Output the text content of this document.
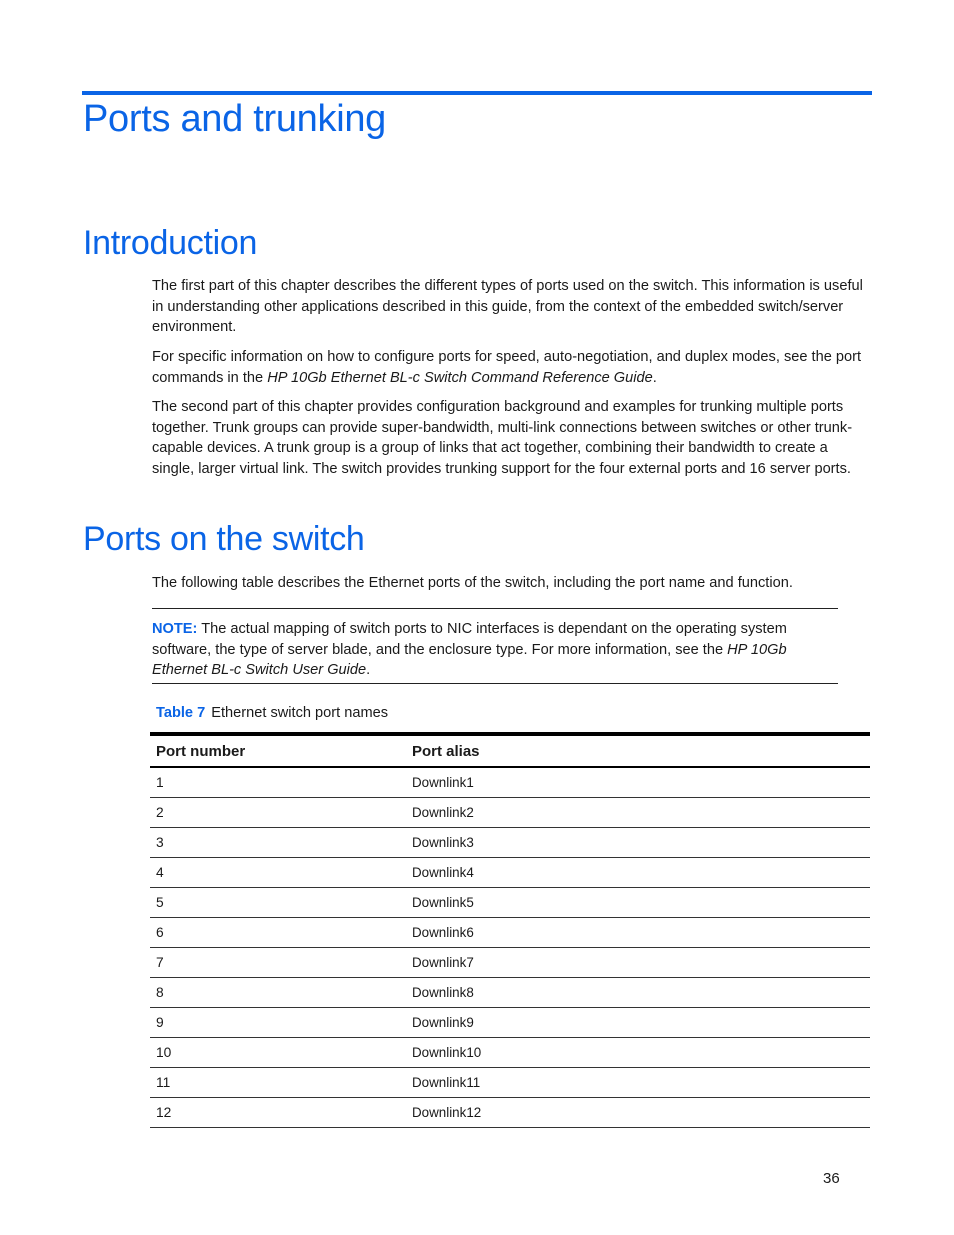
Ports and trunking
Introduction

The first part of this chapter describes the different types of ports used on the switch. This information is useful in understanding other applications described in this guide, from the context of the embedded switch/server environment.

For specific information on how to configure ports for speed, auto-negotiation, and duplex modes, see the port commands in the HP 10Gb Ethernet BL-c Switch Command Reference Guide.

The second part of this chapter provides configuration background and examples for trunking multiple ports together. Trunk groups can provide super-bandwidth, multi-link connections between switches or other trunk-capable devices. A trunk group is a group of links that act together, combining their bandwidth to create a single, larger virtual link. The switch provides trunking support for the four external ports and 16 server ports.

Ports on the switch

The following table describes the Ethernet ports of the switch, including the port name and function.

NOTE: The actual mapping of switch ports to NIC interfaces is dependant on the operating system software, the type of server blade, and the enclosure type. For more information, see the HP 10Gb Ethernet BL-c Switch User Guide.

Table 7 Ethernet switch port names
Port number	Port alias
1	Downlink1
2	Downlink2
3	Downlink3
4	Downlink4
5	Downlink5
6	Downlink6
7	Downlink7
8	Downlink8
9	Downlink9
10	Downlink10
11	Downlink11
12	Downlink12
36
